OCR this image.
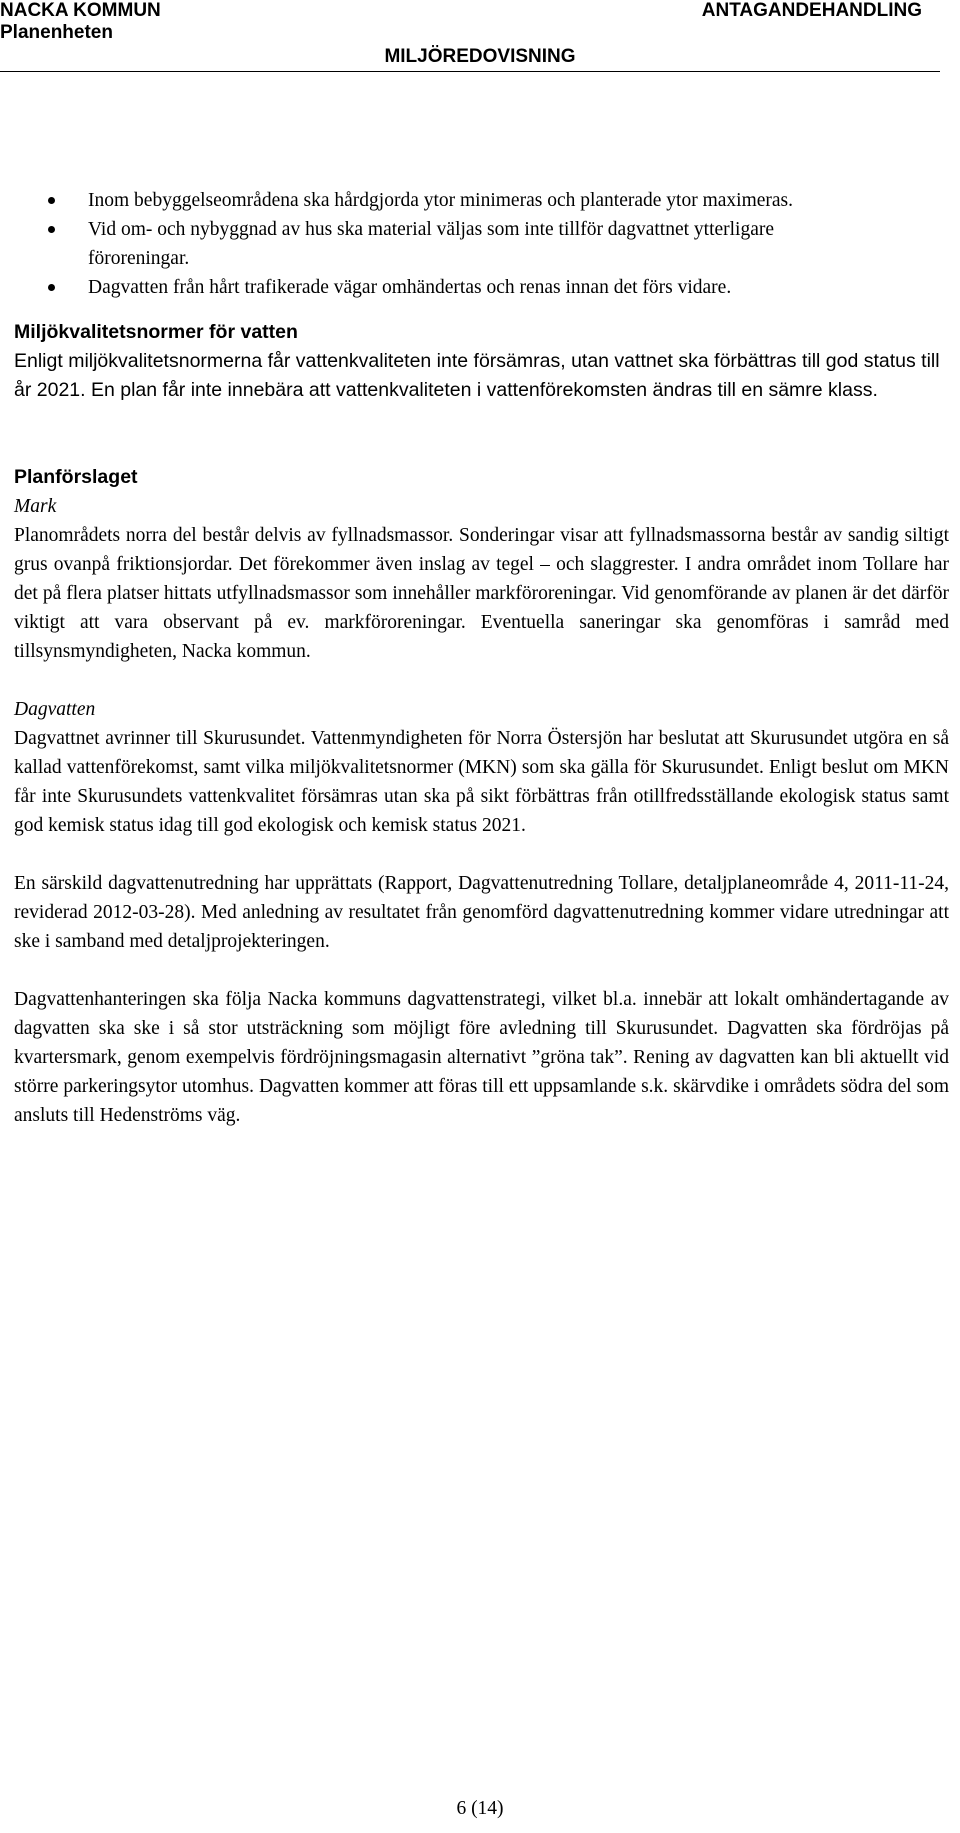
NACKA KOMMUN
Planenheten
ANTAGANDEHANDLING
MILJÖREDOVISNING
Inom bebyggelseområdena ska hårdgjorda ytor minimeras och planterade ytor maximeras.
Vid om- och nybyggnad av hus ska material väljas som inte tillför dagvattnet ytterligare föroreningar.
Dagvatten från hårt trafikerade vägar omhändertas och renas innan det förs vidare.
Miljökvalitetsnormer för vatten

Enligt miljökvalitetsnormerna får vattenkvaliteten inte försämras, utan vattnet ska förbättras till god status till år 2021. En plan får inte innebära att vattenkvaliteten i vattenförekomsten ändras till en sämre klass.

Planförslaget

Mark

Planområdets norra del består delvis av fyllnadsmassor. Sonderingar visar att fyllnadsmassorna består av sandig siltigt grus ovanpå friktionsjordar. Det förekommer även inslag av tegel – och slaggrester. I andra området inom Tollare har det på flera platser hittats utfyllnadsmassor som innehåller markföroreningar. Vid genomförande av planen är det därför viktigt att vara observant på ev. markföroreningar. Eventuella saneringar ska genomföras i samråd med tillsynsmyndigheten, Nacka kommun.

Dagvatten

Dagvattnet avrinner till Skurusundet. Vattenmyndigheten för Norra Östersjön har beslutat att Skurusundet utgöra en så kallad vattenförekomst, samt vilka miljökvalitetsnormer (MKN) som ska gälla för Skurusundet. Enligt beslut om MKN får inte Skurusundets vattenkvalitet försämras utan ska på sikt förbättras från otillfredsställande ekologisk status samt god kemisk status idag till god ekologisk och kemisk status 2021.

En särskild dagvattenutredning har upprättats (Rapport, Dagvattenutredning Tollare, detaljplaneområde 4, 2011-11-24, reviderad 2012-03-28). Med anledning av resultatet från genomförd dagvattenutredning kommer vidare utredningar att ske i samband med detaljprojekteringen.

Dagvattenhanteringen ska följa Nacka kommuns dagvattenstrategi, vilket bl.a. innebär att lokalt omhändertagande av dagvatten ska ske i så stor utsträckning som möjligt före avledning till Skurusundet. Dagvatten ska fördröjas på kvartersmark, genom exempelvis fördröjningsmagasin alternativt ”gröna tak”. Rening av dagvatten kan bli aktuellt vid större parkeringsytor utomhus. Dagvatten kommer att föras till ett uppsamlande s.k. skärvdike i områdets södra del som ansluts till Hedenströms väg.

6 (14)
